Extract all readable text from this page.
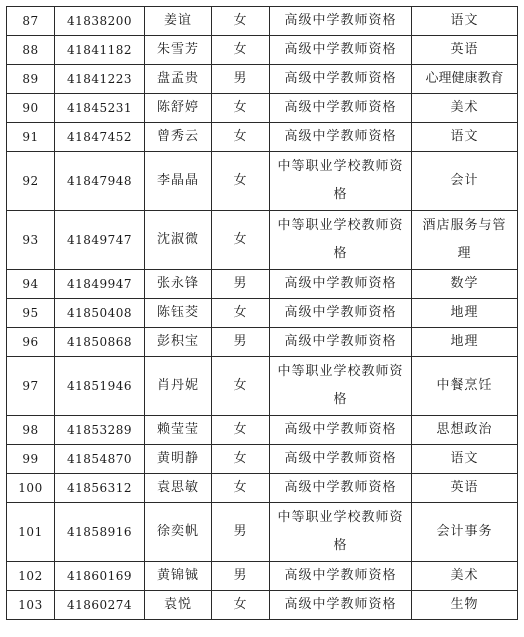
87	41838200	姜谊	女	高级中学教师资格	语文
88	41841182	朱雪芳	女	高级中学教师资格	英语
89	41841223	盘孟贵	男	高级中学教师资格	心理健康教育
90	41845231	陈舒婷	女	高级中学教师资格	美术
91	41847452	曾秀云	女	高级中学教师资格	语文
92	41847948	李晶晶	女	中等职业学校教师资格	会计
93	41849747	沈淑微	女	中等职业学校教师资格	酒店服务与管理
94	41849947	张永锋	男	高级中学教师资格	数学
95	41850408	陈钰茭	女	高级中学教师资格	地理
96	41850868	彭积宝	男	高级中学教师资格	地理
97	41851946	肖丹妮	女	中等职业学校教师资格	中餐烹饪
98	41853289	赖莹莹	女	高级中学教师资格	思想政治
99	41854870	黄明静	女	高级中学教师资格	语文
100	41856312	袁思敏	女	高级中学教师资格	英语
101	41858916	徐奕帆	男	中等职业学校教师资格	会计事务
102	41860169	黄锦铖	男	高级中学教师资格	美术
103	41860274	袁悦	女	高级中学教师资格	生物
